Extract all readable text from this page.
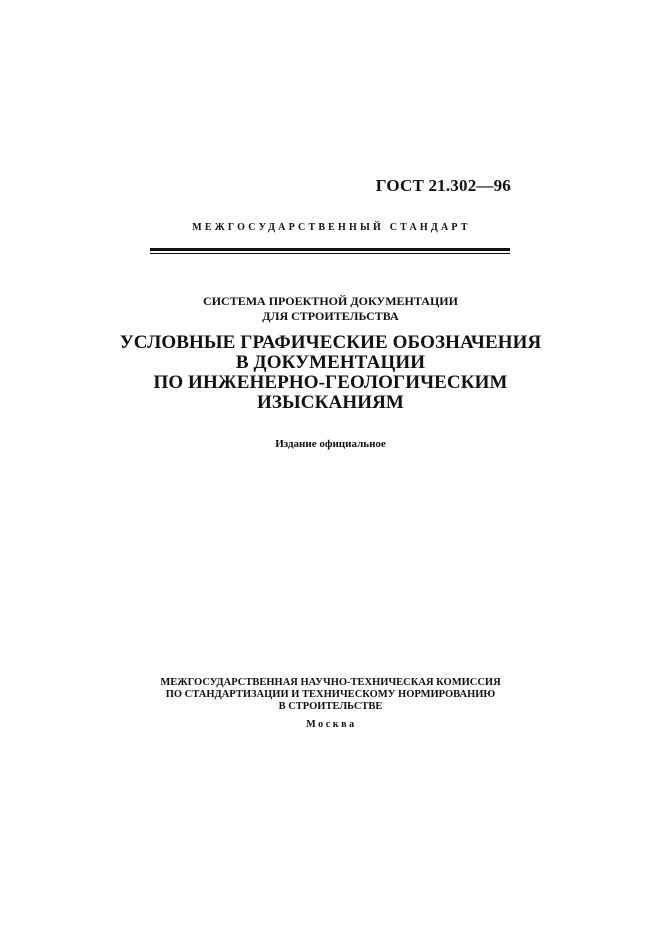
ГОСТ 21.302—96
МЕЖГОСУДАРСТВЕННЫЙ СТАНДАРТ
СИСТЕМА ПРОЕКТНОЙ ДОКУМЕНТАЦИИ
ДЛЯ СТРОИТЕЛЬСТВА
УСЛОВНЫЕ ГРАФИЧЕСКИЕ ОБОЗНАЧЕНИЯ
В ДОКУМЕНТАЦИИ
ПО ИНЖЕНЕРНО-ГЕОЛОГИЧЕСКИМ
ИЗЫСКАНИЯМ
Издание официальное
МЕЖГОСУДАРСТВЕННАЯ НАУЧНО-ТЕХНИЧЕСКАЯ КОМИССИЯ
ПО СТАНДАРТИЗАЦИИ И ТЕХНИЧЕСКОМУ НОРМИРОВАНИЮ
В СТРОИТЕЛЬСТВЕ
Москва
